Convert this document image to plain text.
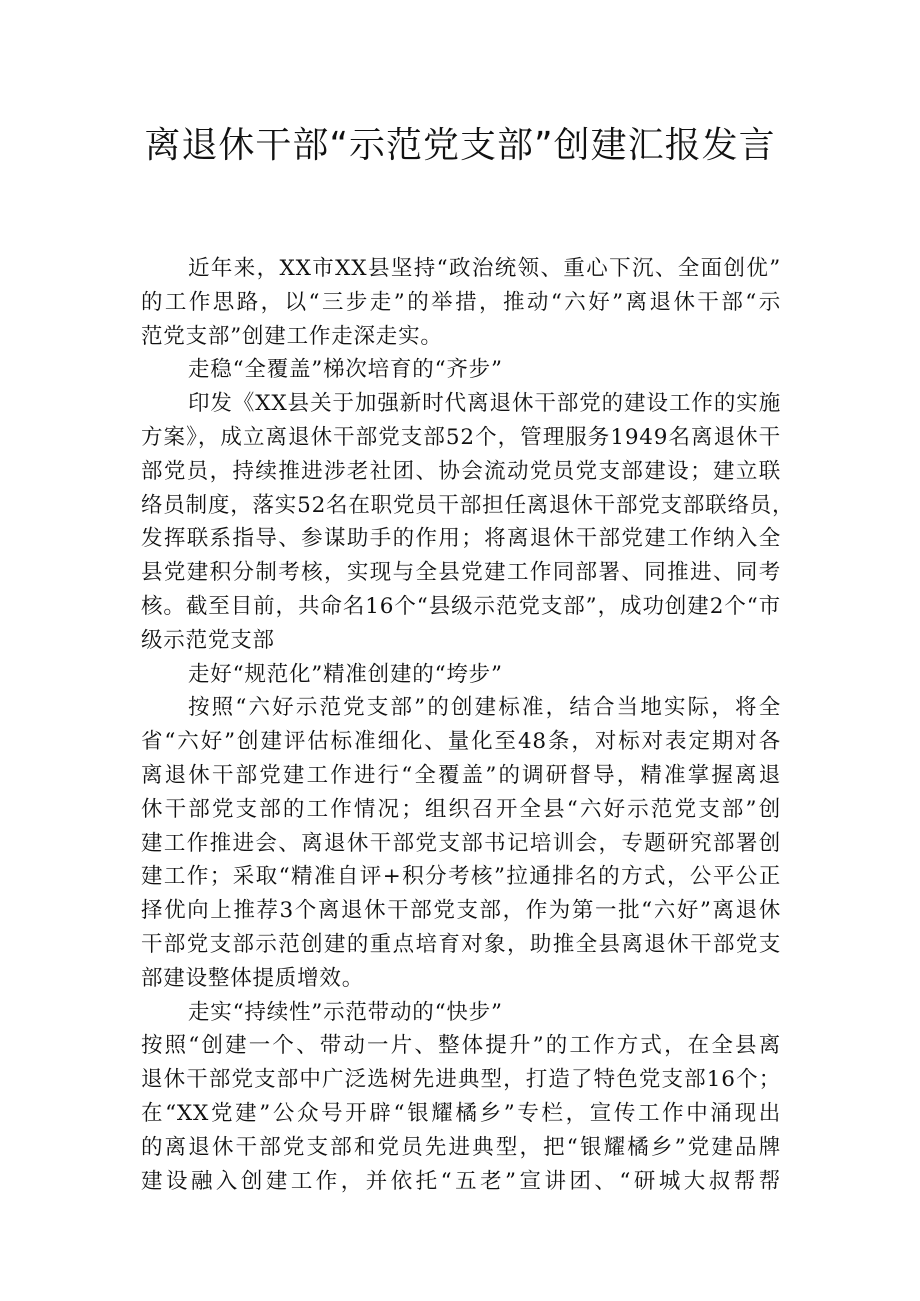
离退休干部“示范党支部”创建汇报发言

近年来，XX市XX县坚持“政治统领、重心下沉、全面创优”

的工作思路，以“三步走”的举措，推动“六好”离退休干部“示

范党支部”创建工作走深走实。

走稳“全覆盖”梯次培育的“齐步”

印发《XX县关于加强新时代离退休干部党的建设工作的实施

方案》，成立离退休干部党支部52个，管理服务1949名离退休干

部党员，持续推进涉老社团、协会流动党员党支部建设；建立联

络员制度，落实52名在职党员干部担任离退休干部党支部联络员，

发挥联系指导、参谋助手的作用；将离退休干部党建工作纳入全

县党建积分制考核，实现与全县党建工作同部署、同推进、同考

核。截至目前，共命名16个“县级示范党支部”，成功创建2个“市

级示范党支部

走好“规范化”精准创建的“垮步”

按照“六好示范党支部”的创建标准，结合当地实际，将全

省“六好”创建评估标准细化、量化至48条，对标对表定期对各

离退休干部党建工作进行“全覆盖”的调研督导，精准掌握离退

休干部党支部的工作情况；组织召开全县“六好示范党支部”创

建工作推进会、离退休干部党支部书记培训会，专题研究部署创

建工作；采取“精准自评+积分考核”拉通排名的方式，公平公正

择优向上推荐3个离退休干部党支部，作为第一批“六好”离退休

干部党支部示范创建的重点培育对象，助推全县离退休干部党支

部建设整体提质增效。

走实“持续性”示范带动的“快步”

按照“创建一个、带动一片、整体提升”的工作方式，在全县离

退休干部党支部中广泛选树先进典型，打造了特色党支部16个；

在“XX党建”公众号开辟“银耀橘乡”专栏，宣传工作中涌现出

的离退休干部党支部和党员先进典型，把“银耀橘乡”党建品牌

建设融入创建工作，并依托“五老”宣讲团、“研城大叔帮帮
